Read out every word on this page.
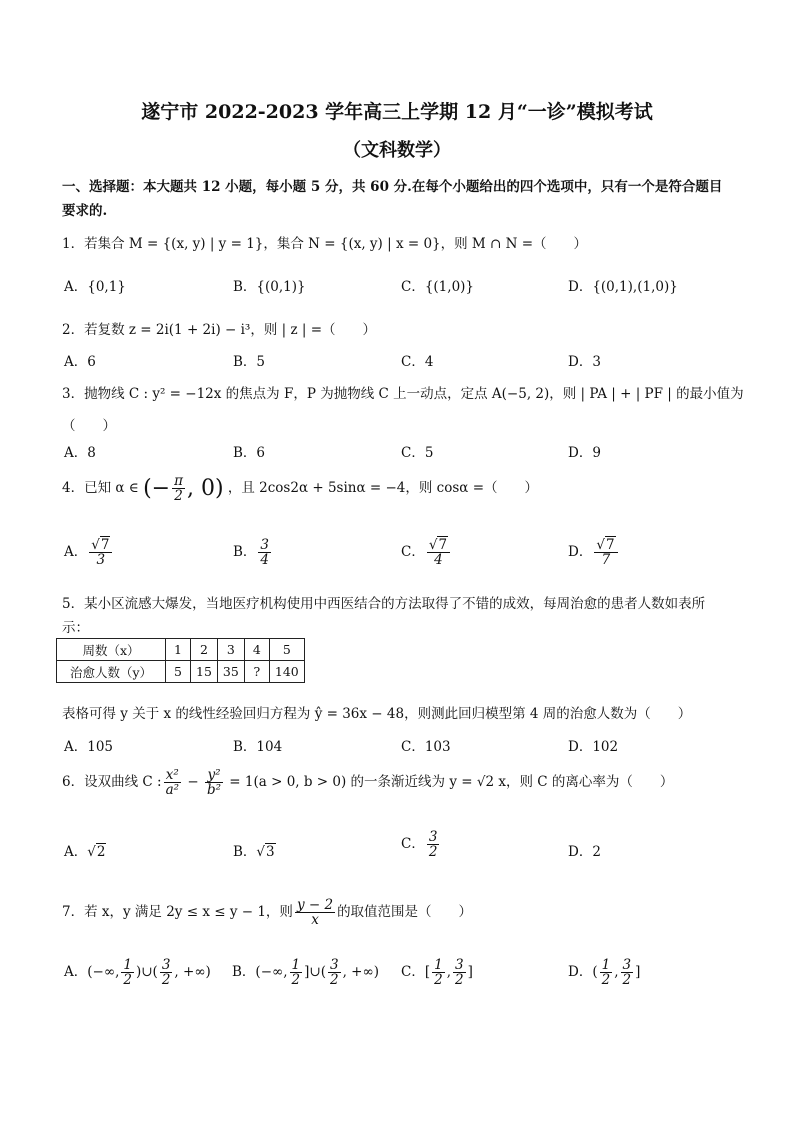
遂宁市 2022-2023 学年高三上学期 12 月“一诊”模拟考试
（文科数学）
一、选择题：本大题共 12 小题，每小题 5 分，共 60 分.在每个小题给出的四个选项中，只有一个是符合题目
要求的.
1．若集合 M = {(x, y) | y = 1}，集合 N = {(x, y) | x = 0}，则 M ∩ N =（　　）
A．{0,1}	B．{(0,1)}	C．{(1,0)}	D．{(0,1),(1,0)}
2．若复数 z = 2i(1 + 2i) − i³，则 | z | =（　　）
A．6	B．5	C．4	D．3
3．抛物线 C : y² = −12x 的焦点为 F，P 为抛物线 C 上一动点，定点 A(−5, 2)，则 | PA | + | PF | 的最小值为
（　　）
A．8	B．6	C．5	D．9
4．已知 α ∈ (− $\frac{\pi}{2}$ , 0) ，且 2cos2α + 5sinα = −4，则 cosα =（　　）
A． $\frac{√7}{3}$	B． $\frac{3}{4}$	C． $\frac{√7}{4}$	D． $\frac{√7}{7}$
5．某小区流感大爆发，当地医疗机构使用中西医结合的方法取得了不错的成效，每周治愈的患者人数如表所
示：
周数（x）	1	2	3	4	5
治愈人数（y）	5	15	35	?	140
表格可得 y 关于 x 的线性经验回归方程为 ŷ = 36x − 48，则测此回归模型第 4 周的治愈人数为（　　）
A．105	B．104	C．103	D．102
6．设双曲线 C : $\frac{\text{x²}}{\text{a²}} - \frac{\text{y²}}{\text{b²}} = 1(a > 0$, b > 0) 的一条渐近线为 y = √2 x，则 C 的离心率为（　　）
A．√2	B．√3	C． $\frac{3}{2}$	D．2
7．若 x，y 满足 2y ≤ x ≤ y − 1，则 $\frac{y - 2}{x}$ 的取值范围是（　　）
A．(−∞, $\frac{1}{2}$ )∪( $\frac{3}{2}$ , +∞) B．(−∞, $\frac{1}{2}$ ]∪( $\frac{3}{2}$ , +∞) C．[ $\frac{1}{2}$ , $\frac{3}{2}$ ]	D．( $\frac{1}{2}$ , $\frac{3}{2}$ ]
